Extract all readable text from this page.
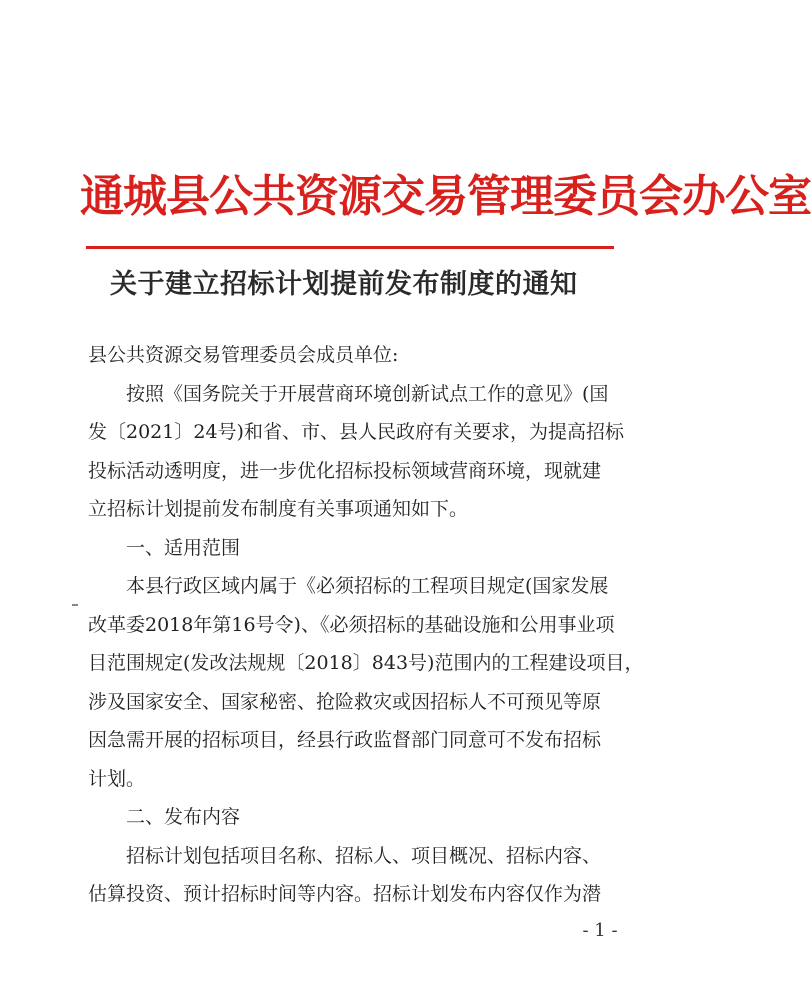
通城县公共资源交易管理委员会办公室
关于建立招标计划提前发布制度的通知
县公共资源交易管理委员会成员单位:
按照《国务院关于开展营商环境创新试点工作的意见》(国
发〔2021〕24号)和省、市、县人民政府有关要求，为提高招标
投标活动透明度，进一步优化招标投标领域营商环境，现就建
立招标计划提前发布制度有关事项通知如下。
一、适用范围
本县行政区域内属于《必须招标的工程项目规定(国家发展
改革委2018年第16号令)、《必须招标的基础设施和公用事业项
目范围规定(发改法规规〔2018〕843号)范围内的工程建设项目，
涉及国家安全、国家秘密、抢险救灾或因招标人不可预见等原
因急需开展的招标项目，经县行政监督部门同意可不发布招标
计划。
二、发布内容
招标计划包括项目名称、招标人、项目概况、招标内容、
估算投资、预计招标时间等内容。招标计划发布内容仅作为潜
- 1 -
